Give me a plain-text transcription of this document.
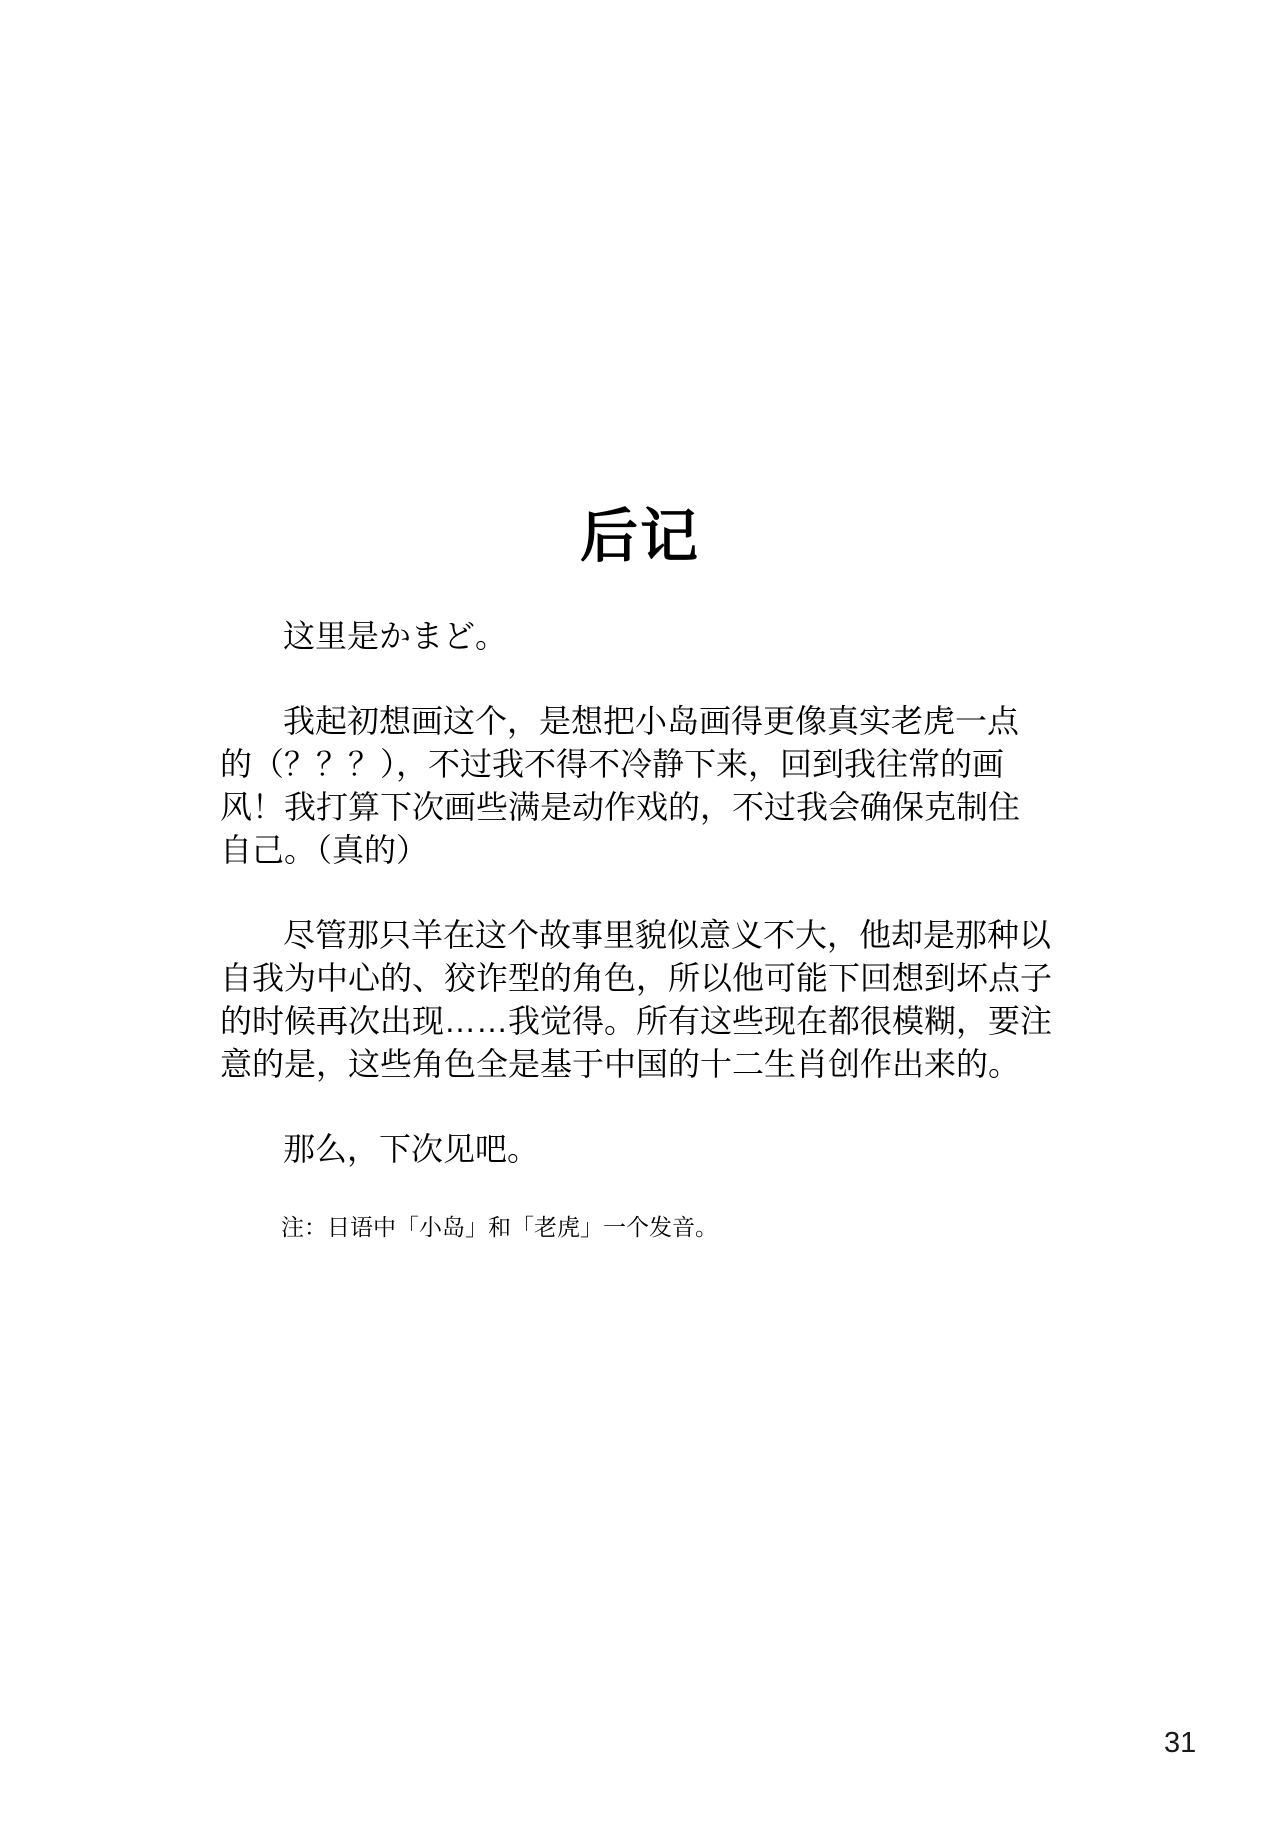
后记

这里是かまど。

我起初想画这个，是想把小岛画得更像真实老虎一点
的（？？？），不过我不得不冷静下来，回到我往常的画
风！我打算下次画些满是动作戏的，不过我会确保克制住
自己。（真的）

尽管那只羊在这个故事里貌似意义不大，他却是那种以
自我为中心的、狡诈型的角色，所以他可能下回想到坏点子
的时候再次出现……我觉得。所有这些现在都很模糊，要注
意的是，这些角色全是基于中国的十二生肖创作出来的。

那么，下次见吧。

注：日语中「小岛」和「老虎」一个发音。
31
